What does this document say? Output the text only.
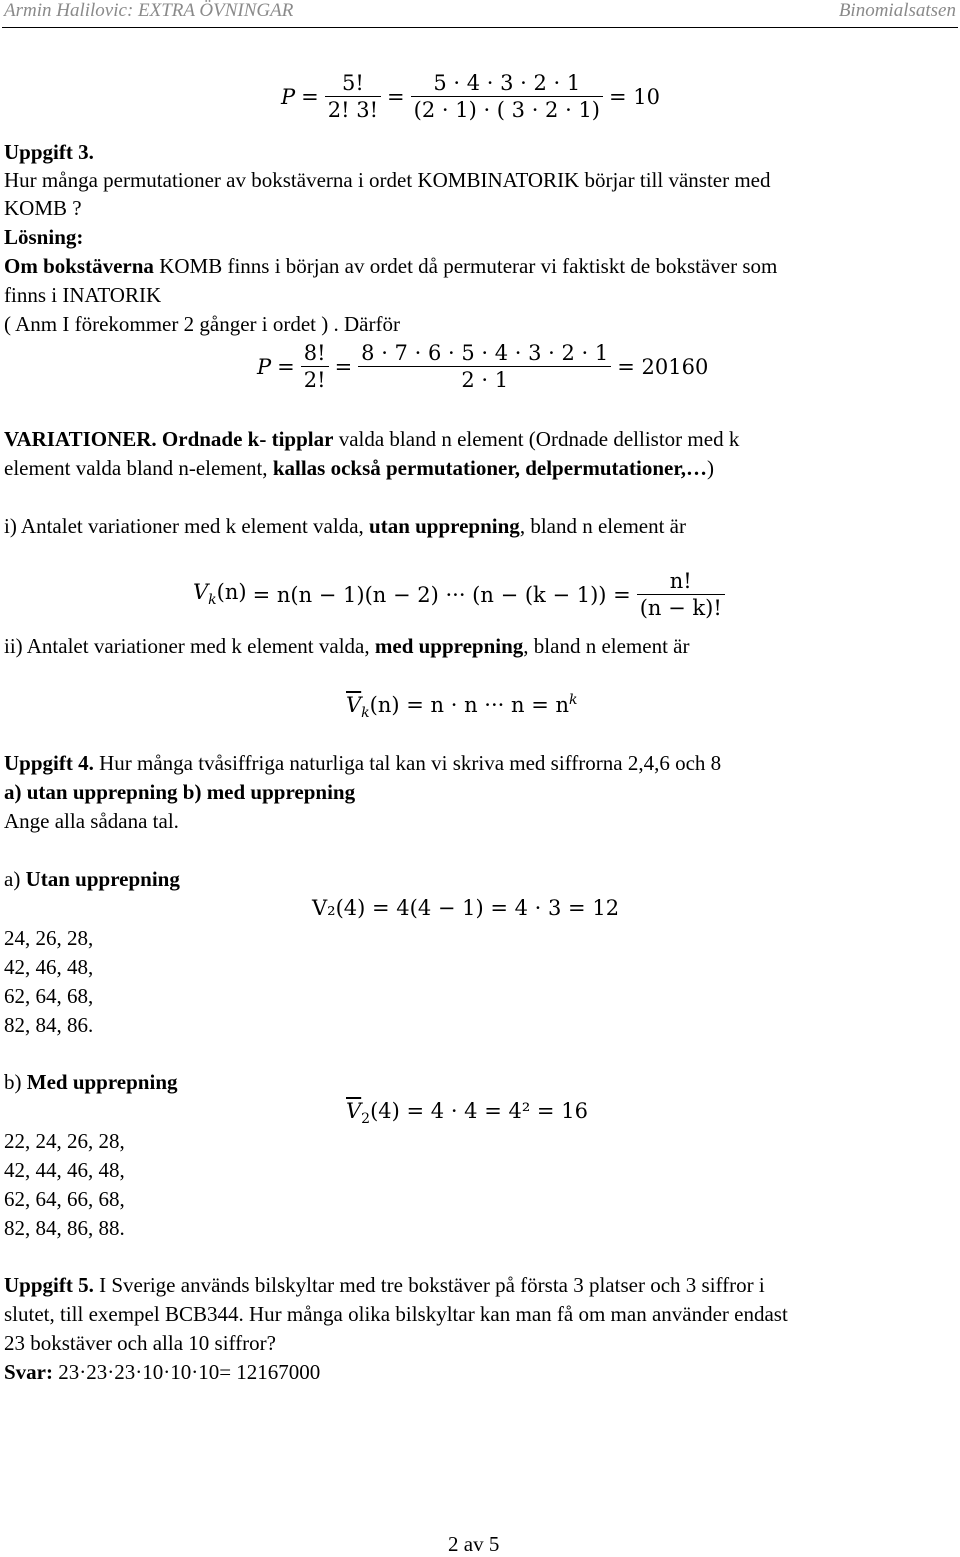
Armin Halilovic: EXTRA ÖVNINGAR	Binomialsatsen
$P = \frac{5!}{2! 3!} = \frac{5 \cdot 4 \cdot 3 \cdot 2 \cdot 1}{(2 \cdot 1) \cdot ( 3 \cdot 2 \cdot 1)} = 10$
Uppgift 3.
Hur många permutationer av bokstäverna i ordet KOMBINATORIK börjar till vänster med
KOMB ?
Lösning:
Om bokstäverna KOMB finns i början av ordet då permuterar vi faktiskt de bokstäver som
finns i INATORIK
( Anm I förekommer 2 gånger i ordet ) . Därför
$P = \frac{8!}{2!} = \frac{8 \cdot 7 \cdot 6 \cdot 5 \cdot 4 \cdot 3 \cdot 2 \cdot 1}{2 \cdot 1} = 20160$
VARIATIONER. Ordnade k- tipplar valda bland n element (Ordnade dellistor med k
element valda bland n-element, kallas också permutationer, delpermutationer,…)
i) Antalet variationer med k element valda, utan upprepning, bland n element är
$V_k(n) = n(n - 1)(n - 2)$ ··· $(n - (k - 1)) = \frac{n!}{(n - k)!}$
ii) Antalet variationer med k element valda, med upprepning, bland n element är
$\overline{V}_k(n) = n \cdot n$ ··· $n = n^k$
Uppgift 4. Hur många tvåsiffriga naturliga tal kan vi skriva med siffrorna 2,4,6 och 8
a) utan upprepning b) med upprepning
Ange alla sådana tal.
a) Utan upprepning
V₂(4) = 4(4 − 1) = 4 · 3 = 12
24, 26, 28,
42, 46, 48,
62, 64, 68,
82, 84, 86.
b) Med upprepning
$\overline{V}_2(4) = 4 \cdot 4 = 4^2 = 16$
22, 24, 26, 28,
42, 44, 46, 48,
62, 64, 66, 68,
82, 84, 86, 88.
Uppgift 5. I Sverige används bilskyltar med tre bokstäver på första 3 platser och 3 siffror i
slutet, till exempel BCB344. Hur många olika bilskyltar kan man få om man använder endast
23 bokstäver och alla 10 siffror?
Svar: 23·23·23·10·10·10= 12167000
2 av 5
